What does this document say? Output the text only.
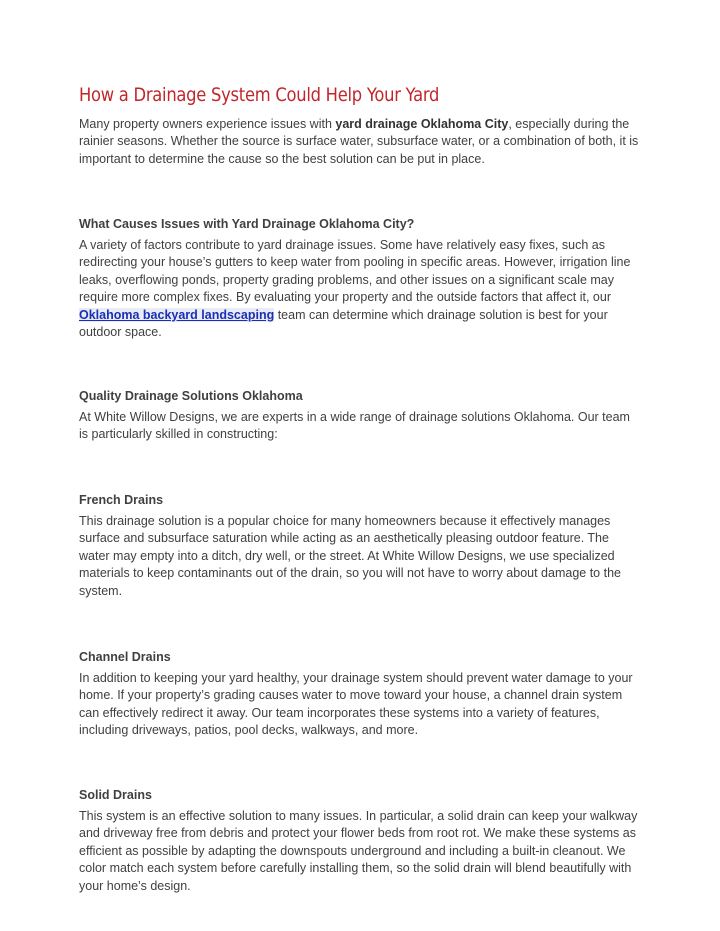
How a Drainage System Could Help Your Yard

Many property owners experience issues with yard drainage Oklahoma City, especially during the rainier seasons. Whether the source is surface water, subsurface water, or a combination of both, it is important to determine the cause so the best solution can be put in place.

What Causes Issues with Yard Drainage Oklahoma City?

A variety of factors contribute to yard drainage issues. Some have relatively easy fixes, such as redirecting your house’s gutters to keep water from pooling in specific areas. However, irrigation line leaks, overflowing ponds, property grading problems, and other issues on a significant scale may require more complex fixes. By evaluating your property and the outside factors that affect it, our Oklahoma backyard landscaping team can determine which drainage solution is best for your outdoor space.

Quality Drainage Solutions Oklahoma

At White Willow Designs, we are experts in a wide range of drainage solutions Oklahoma. Our team is particularly skilled in constructing:

French Drains

This drainage solution is a popular choice for many homeowners because it effectively manages surface and subsurface saturation while acting as an aesthetically pleasing outdoor feature. The water may empty into a ditch, dry well, or the street. At White Willow Designs, we use specialized materials to keep contaminants out of the drain, so you will not have to worry about damage to the system.

Channel Drains

In addition to keeping your yard healthy, your drainage system should prevent water damage to your home. If your property’s grading causes water to move toward your house, a channel drain system can effectively redirect it away. Our team incorporates these systems into a variety of features, including driveways, patios, pool decks, walkways, and more.

Solid Drains

This system is an effective solution to many issues. In particular, a solid drain can keep your walkway and driveway free from debris and protect your flower beds from root rot. We make these systems as efficient as possible by adapting the downspouts underground and including a built-in cleanout. We color match each system before carefully installing them, so the solid drain will blend beautifully with your home’s design.
